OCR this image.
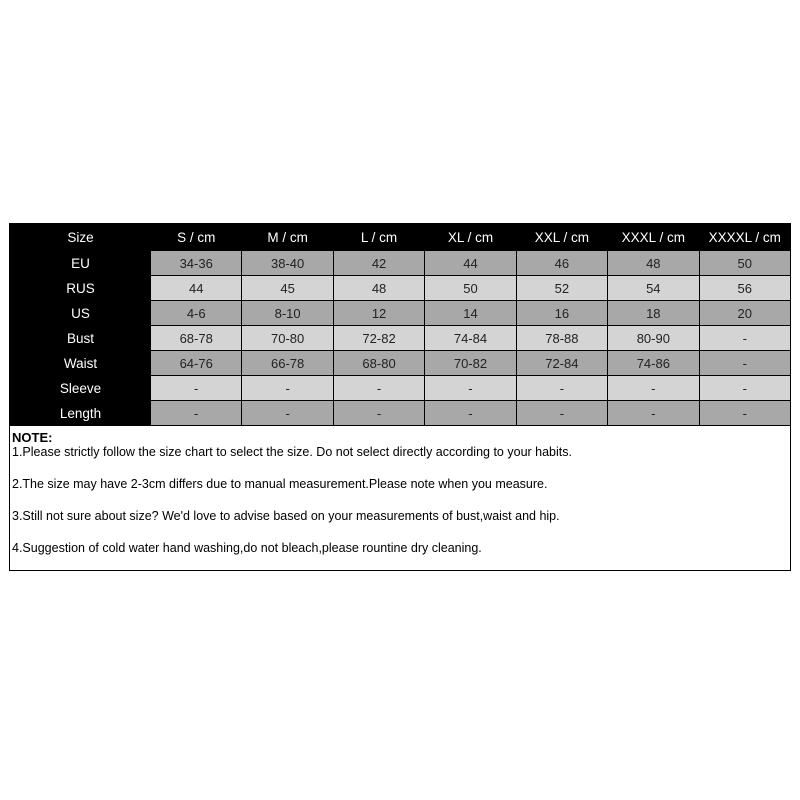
Size	S / cm	M / cm	L / cm	XL / cm	XXL / cm	XXXL / cm	XXXXL / cm
EU	34-36	38-40	42	44	46	48	50
RUS	44	45	48	50	52	54	56
US	4-6	8-10	12	14	16	18	20
Bust	68-78	70-80	72-82	74-84	78-88	80-90	-
Waist	64-76	66-78	68-80	70-82	72-84	74-86	-
Sleeve	-	-	-	-	-	-	-
Length	-	-	-	-	-	-	-
NOTE:

1.Please strictly follow the size chart to select the size. Do not select directly according to your habits.

2.The size may have 2-3cm differs due to manual measurement.Please note when you measure.

3.Still not sure about size? We'd love to advise based on your measurements of bust,waist and hip.

4.Suggestion of cold water hand washing,do not bleach,please rountine dry cleaning.
